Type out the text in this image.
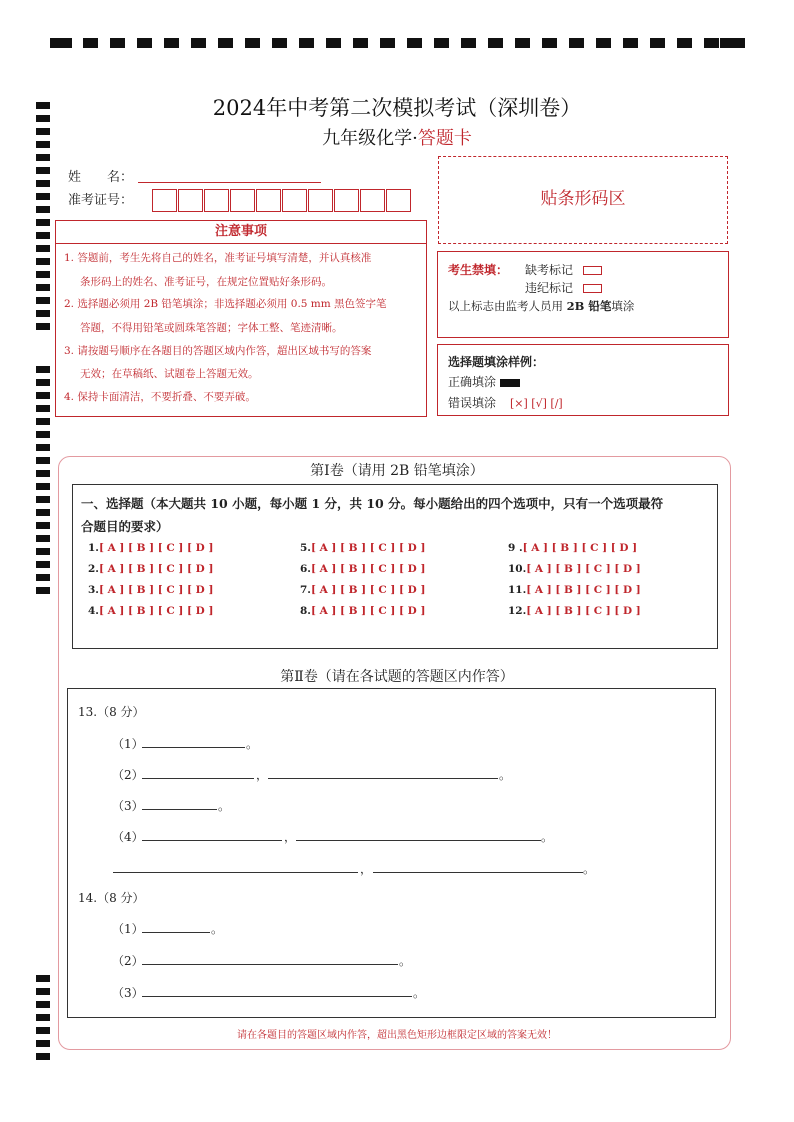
2024年中考第二次模拟考试（深圳卷）
九年级化学·答题卡
姓　　名：
准考证号：	贴条形码区
注意事项
1. 答题前，考生先将自己的姓名，准考证号填写清楚，并认真核准
条形码上的姓名、准考证号，在规定位置贴好条形码。
2. 选择题必须用 2B 铅笔填涂；非选择题必须用 0.5 mm 黑色签字笔
答题，不得用铅笔或圆珠笔答题；字体工整、笔迹清晰。
3. 请按题号顺序在各题目的答题区域内作答，超出区域书写的答案
无效；在草稿纸、试题卷上答题无效。
4. 保持卡面清洁，不要折叠、不要弄破。
考生禁填： 缺考标记
违纪标记
以上标志由监考人员用 2B 铅笔填涂
选择题填涂样例：
正确填涂
错误填涂 [×] [√] [/]
第Ⅰ卷（请用 2B 铅笔填涂）
一、选择题（本大题共 10 小题，每小题 1 分，共 10 分。每小题给出的四个选项中，只有一个选项最符
合题目的要求）
1.[ A ] [ B ] [ C ] [ D ]
2.[ A ] [ B ] [ C ] [ D ]
3.[ A ] [ B ] [ C ] [ D ]
4.[ A ] [ B ] [ C ] [ D ]
5.[ A ] [ B ] [ C ] [ D ]
6.[ A ] [ B ] [ C ] [ D ]
7.[ A ] [ B ] [ C ] [ D ]
8.[ A ] [ B ] [ C ] [ D ]
9 .[ A ] [ B ] [ C ] [ D ]
10.[ A ] [ B ] [ C ] [ D ]
11.[ A ] [ B ] [ C ] [ D ]
12.[ A ] [ B ] [ C ] [ D ]
第Ⅱ卷（请在各试题的答题区内作答）
13.（8 分）
（1）	。
（2）	，	。
（3）	。
（4）	，	。
，	。
14.（8 分）
（1）	。
（2）	。
（3）	。
请在各题目的答题区域内作答，超出黑色矩形边框限定区域的答案无效！
